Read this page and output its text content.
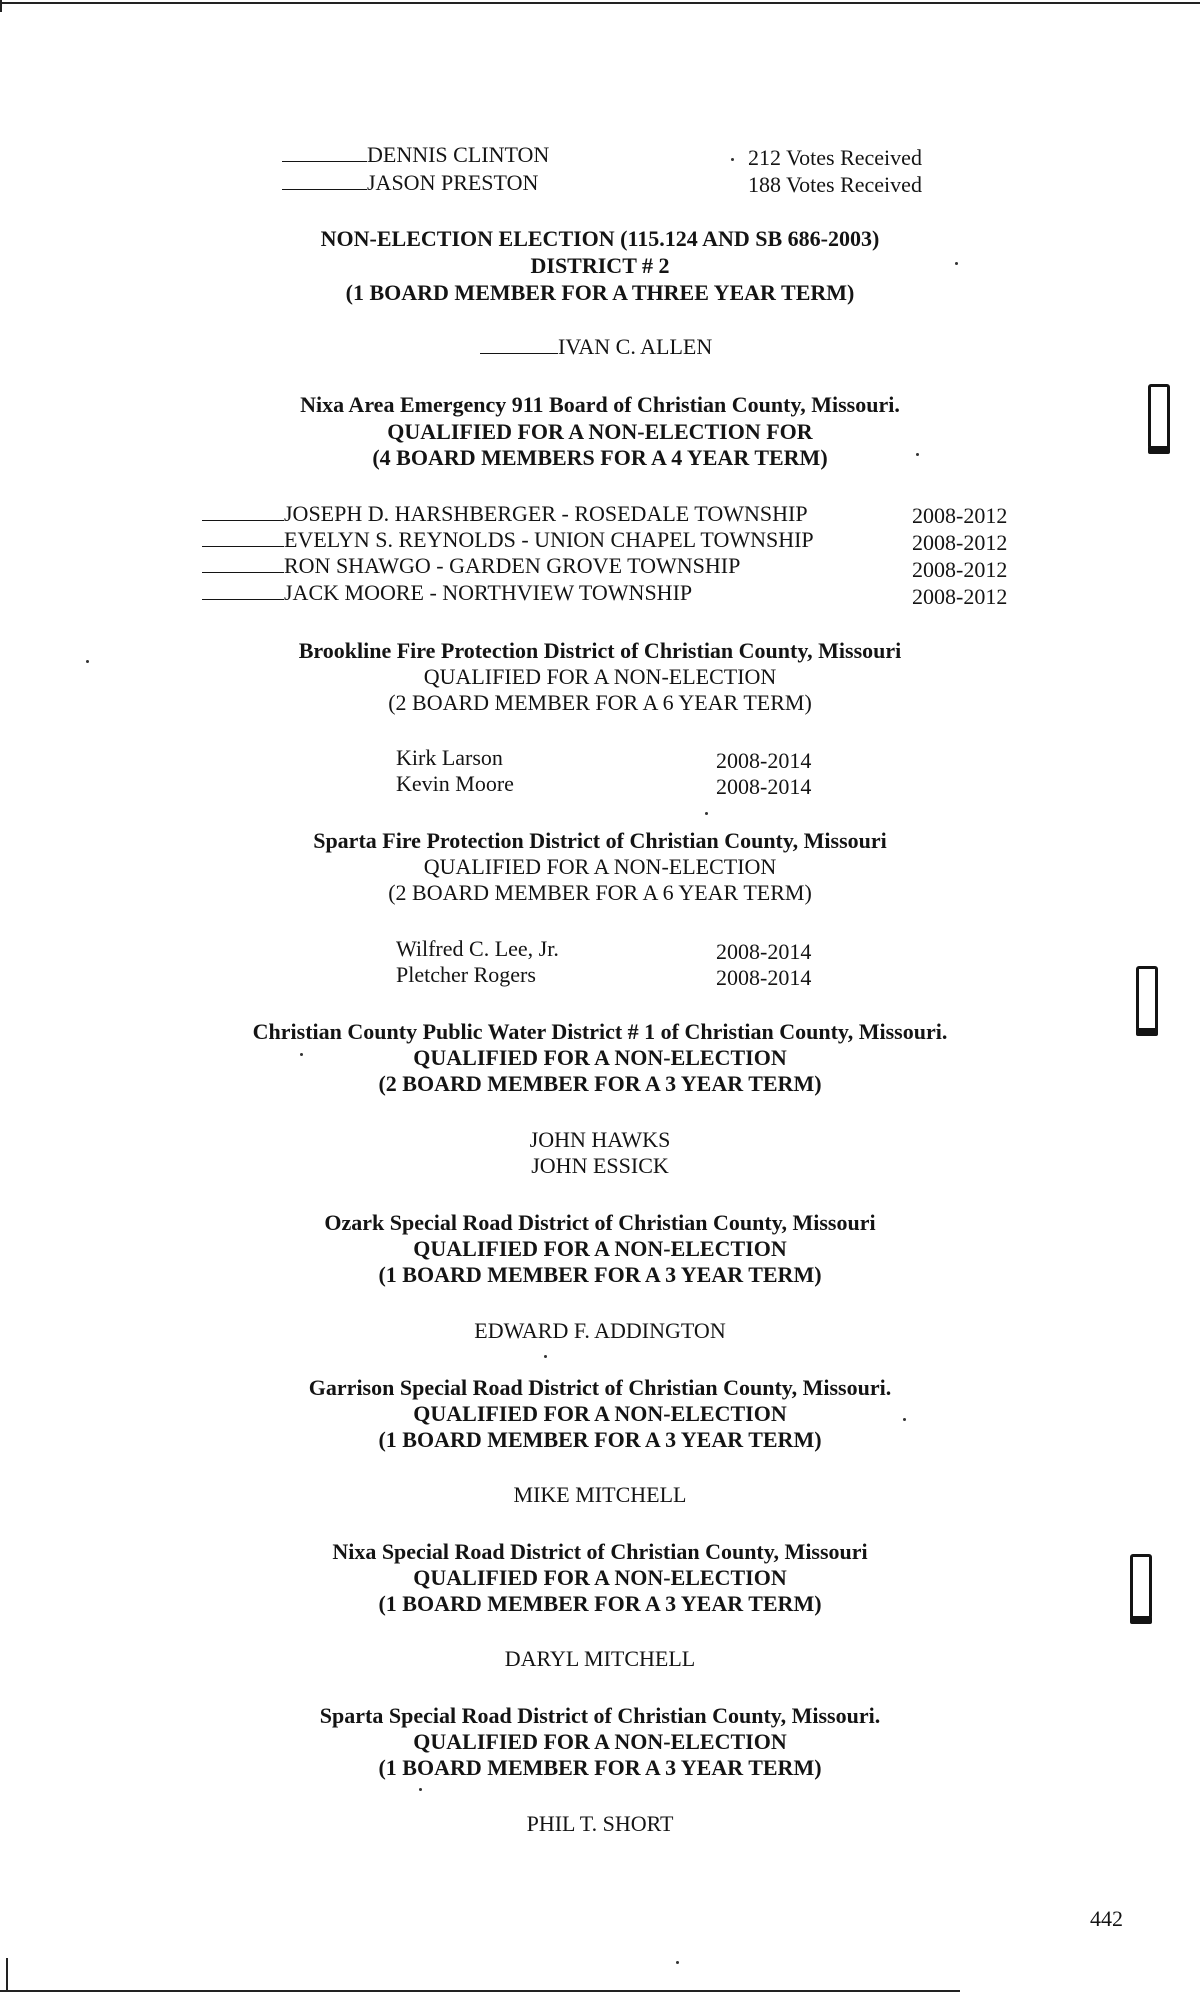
DENNIS CLINTON	212 Votes Received
JASON PRESTON	188 Votes Received
NON-ELECTION ELECTION (115.124 AND SB 686-2003)
DISTRICT # 2
(1 BOARD MEMBER FOR A THREE YEAR TERM)
IVAN C. ALLEN
Nixa Area Emergency 911 Board of Christian County, Missouri.
QUALIFIED FOR A NON-ELECTION FOR
(4 BOARD MEMBERS FOR A 4 YEAR TERM)
JOSEPH D. HARSHBERGER - ROSEDALE TOWNSHIP	2008-2012
EVELYN S. REYNOLDS - UNION CHAPEL TOWNSHIP	2008-2012
RON SHAWGO - GARDEN GROVE TOWNSHIP	2008-2012
JACK MOORE - NORTHVIEW TOWNSHIP	2008-2012
Brookline Fire Protection District of Christian County, Missouri
QUALIFIED FOR A NON-ELECTION
(2 BOARD MEMBER FOR A 6 YEAR TERM)
Kirk Larson	2008-2014
Kevin Moore	2008-2014
Sparta Fire Protection District of Christian County, Missouri
QUALIFIED FOR A NON-ELECTION
(2 BOARD MEMBER FOR A 6 YEAR TERM)
Wilfred C. Lee, Jr.	2008-2014
Pletcher Rogers	2008-2014
Christian County Public Water District # 1 of Christian County, Missouri.
QUALIFIED FOR A NON-ELECTION
(2 BOARD MEMBER FOR A 3 YEAR TERM)
JOHN HAWKS
JOHN ESSICK
Ozark Special Road District of Christian County, Missouri
QUALIFIED FOR A NON-ELECTION
(1 BOARD MEMBER FOR A 3 YEAR TERM)
EDWARD F. ADDINGTON
Garrison Special Road District of Christian County, Missouri.
QUALIFIED FOR A NON-ELECTION
(1 BOARD MEMBER FOR A 3 YEAR TERM)
MIKE MITCHELL
Nixa Special Road District of Christian County, Missouri
QUALIFIED FOR A NON-ELECTION
(1 BOARD MEMBER FOR A 3 YEAR TERM)
DARYL MITCHELL
Sparta Special Road District of Christian County, Missouri.
QUALIFIED FOR A NON-ELECTION
(1 BOARD MEMBER FOR A 3 YEAR TERM)
PHIL T. SHORT
442
